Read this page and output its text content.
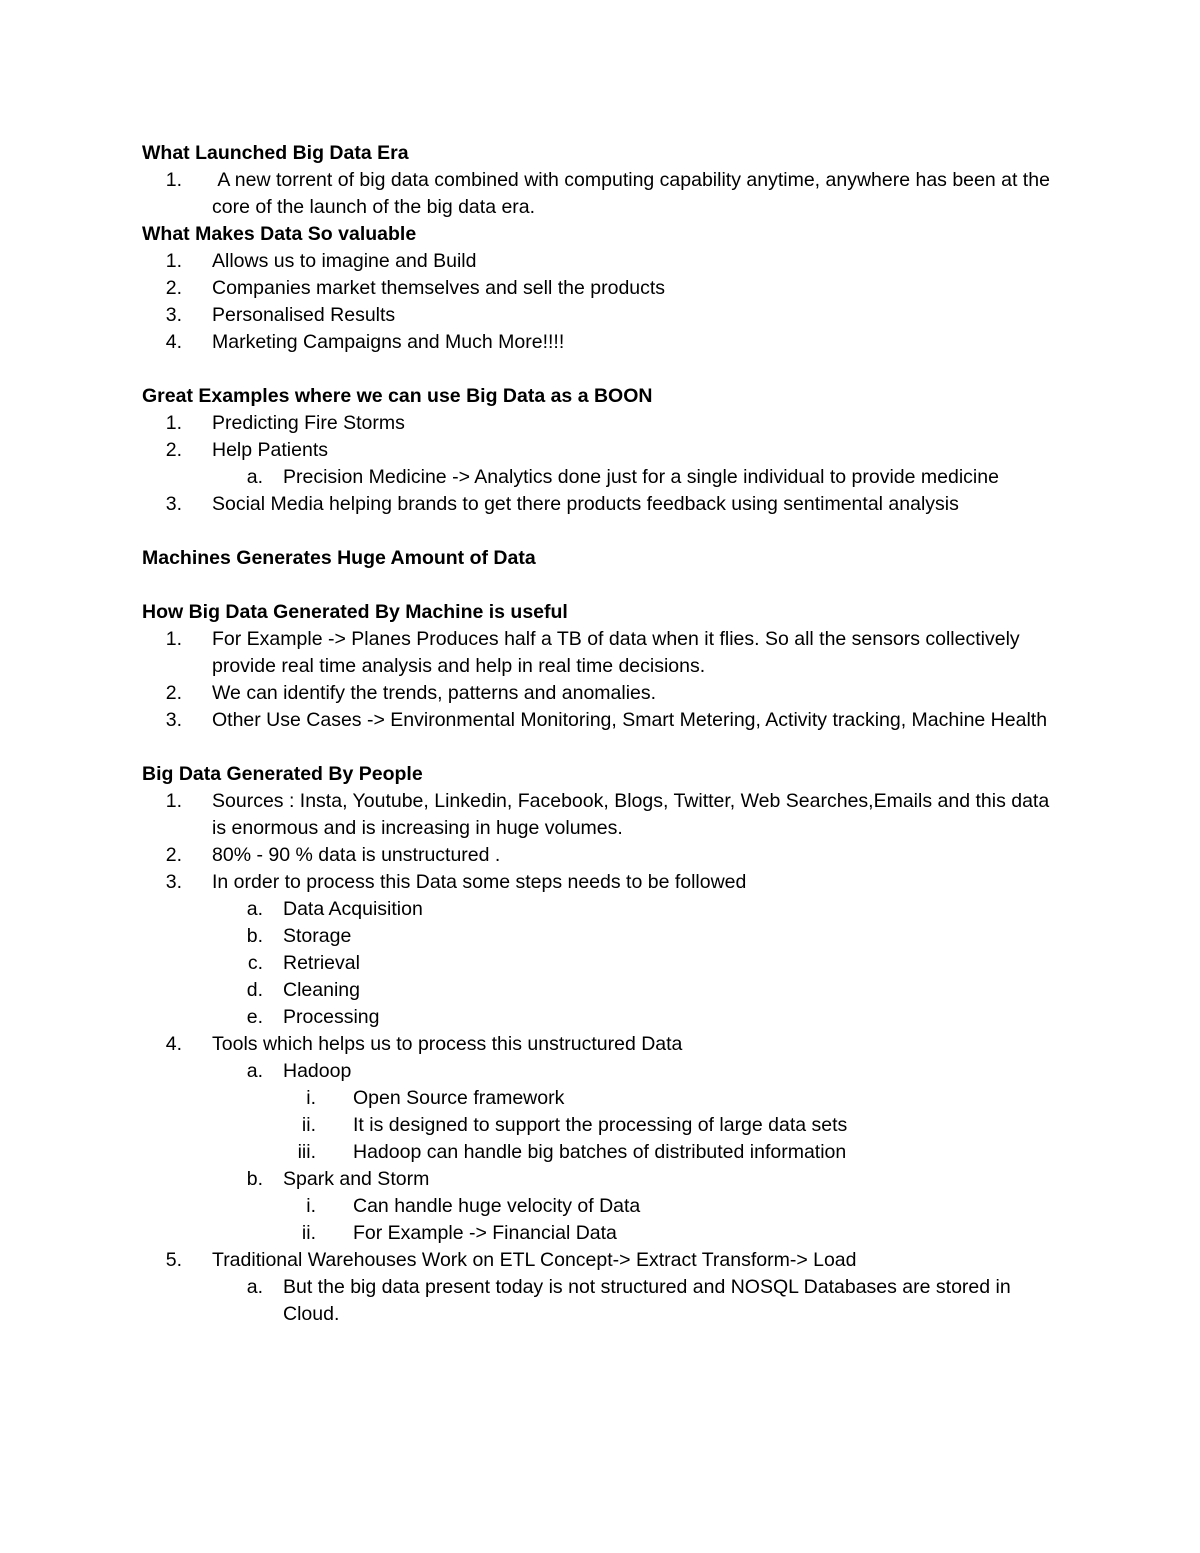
What Launched Big Data Era
1. A new torrent of big data combined with computing capability anytime, anywhere has been at the core of the launch of the big data era.
What Makes Data So valuable
1. Allows us to imagine and Build
2. Companies market themselves and sell the products
3. Personalised Results
4. Marketing Campaigns and Much More!!!!
Great Examples where we can use Big Data as a BOON
1. Predicting Fire Storms
2. Help Patients
a. Precision Medicine -> Analytics done just for a single individual to provide medicine
3. Social Media helping brands to get there products feedback using sentimental analysis
Machines Generates Huge Amount of Data
How Big Data Generated By Machine is useful
1. For Example -> Planes Produces half a TB of data when it flies. So all the sensors collectively provide real time analysis and help in real time decisions.
2. We can identify the trends, patterns and anomalies.
3. Other Use Cases -> Environmental Monitoring, Smart Metering, Activity tracking, Machine Health
Big Data Generated By People
1. Sources : Insta, Youtube, Linkedin, Facebook, Blogs, Twitter, Web Searches,Emails and this data is enormous and is increasing in huge volumes.
2. 80% - 90 % data is unstructured .
3. In order to process this Data some steps needs to be followed
a. Data Acquisition
b. Storage
c. Retrieval
d. Cleaning
e. Processing
4. Tools which helps us to process this unstructured Data
a. Hadoop
i. Open Source framework
ii. It is designed to support the processing of large data sets
iii. Hadoop can handle big batches of distributed information
b. Spark and Storm
i. Can handle huge velocity of Data
ii. For Example -> Financial Data
5. Traditional Warehouses Work on ETL Concept-> Extract Transform-> Load
a. But the big data present today is not structured and NOSQL Databases are stored in Cloud.
